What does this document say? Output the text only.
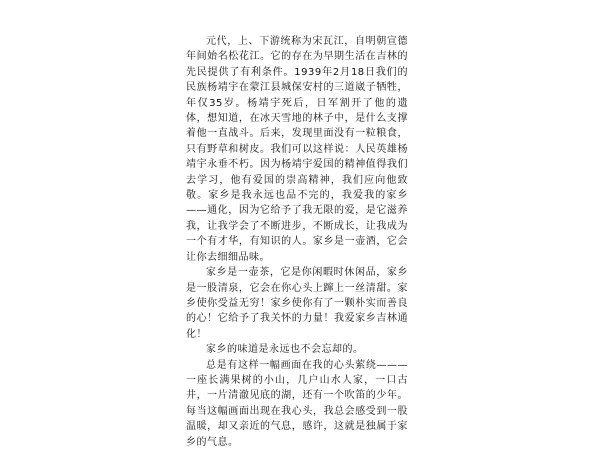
元代，上、下游统称为宋瓦江，自明朝宣德年间始名松花江。它的存在为早期生活在吉林的先民提供了有利条件。1939年2月18日我们的民族杨靖宇在蒙江县城保安村的三道崴子牺牲，年仅35岁。杨靖宇死后，日军割开了他的遗体，想知道，在冰天雪地的林子中，是什么支撑着他一直战斗。后来，发现里面没有一粒粮食，只有野草和树皮。我们可以这样说：人民英雄杨靖宇永垂不朽。因为杨靖宇爱国的精神值得我们去学习，他有爱国的崇高精神，我们应向他致敬。家乡是我永远也品不完的，我爱我的家乡——通化，因为它给予了我无限的爱，是它滋养我，让我学会了不断进步，不断成长，让我成为一个有才华，有知识的人。家乡是一壶酒，它会让你去细细品味。

家乡是一壶茶，它是你闲暇时休闲品，家乡是一股清泉，它会在你心头上蹿上一丝清甜。家乡使你受益无穷！家乡使你有了一颗朴实而善良的心！它给予了我关怀的力量！我爱家乡吉林通化！

家乡的味道是永远也不会忘却的。

总是有这样一幅画面在我的心头萦绕———一座长满果树的小山，几户山水人家，一口古井，一片清澈见底的湖，还有一个吹笛的少年。每当这幅画面出现在我心头，我总会感受到一股温暖，却又亲近的气息，感许，这就是独属于家乡的气息。
